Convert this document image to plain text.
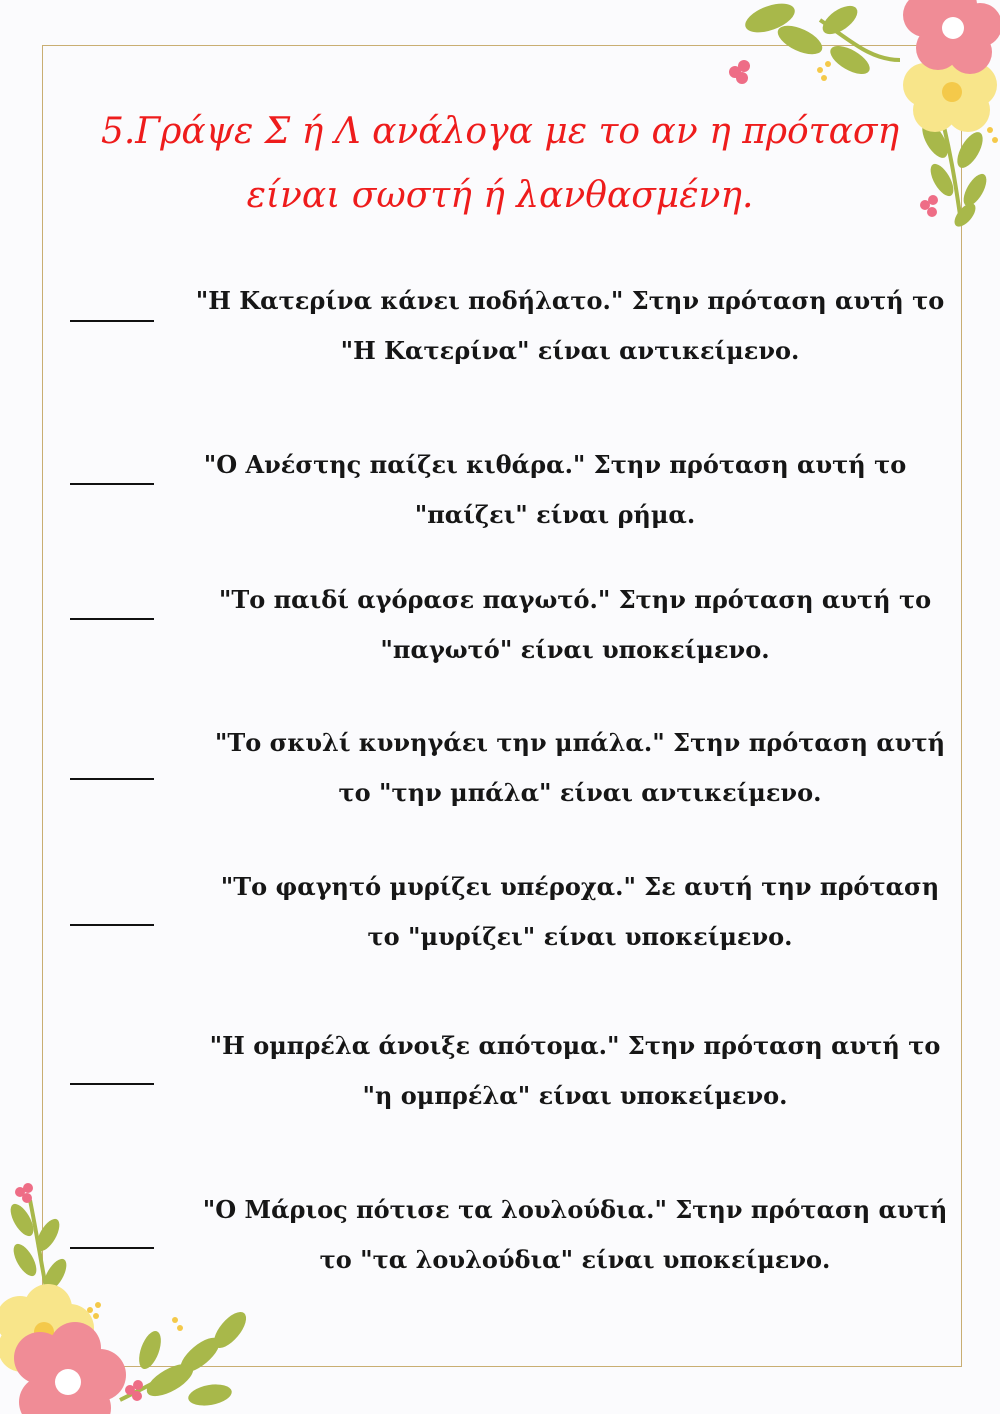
5.Γράψε Σ ή Λ ανάλογα με το αν η πρόταση
είναι σωστή ή λανθασμένη.
"Η Κατερίνα κάνει ποδήλατο." Στην πρόταση αυτή το
"Η Κατερίνα" είναι αντικείμενο.
"Ο Ανέστης παίζει κιθάρα." Στην πρόταση αυτή το
"παίζει" είναι ρήμα.
"Το παιδί αγόρασε παγωτό." Στην πρόταση αυτή το
"παγωτό" είναι υποκείμενο.
"Το σκυλί κυνηγάει την μπάλα." Στην πρόταση αυτή
το "την μπάλα" είναι αντικείμενο.
"Το φαγητό μυρίζει υπέροχα." Σε αυτή την πρόταση
το "μυρίζει" είναι υποκείμενο.
"Η ομπρέλα άνοιξε απότομα." Στην πρόταση αυτή το
"η ομπρέλα" είναι υποκείμενο.
"Ο Μάριος πότισε τα λουλούδια." Στην πρόταση αυτή
το "τα λουλούδια" είναι υποκείμενο.
